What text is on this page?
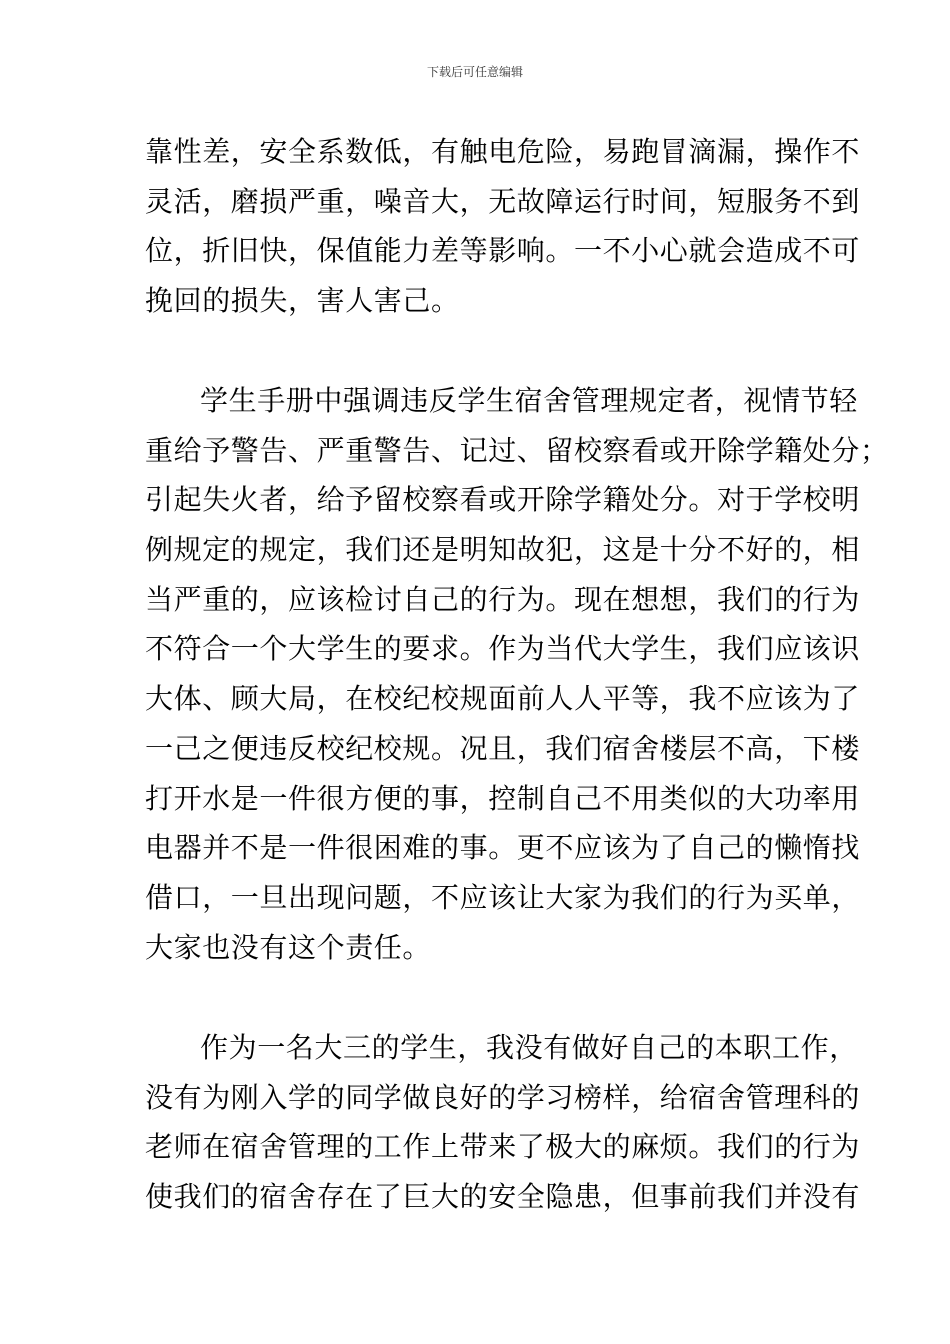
下载后可任意编辑
靠性差，安全系数低，有触电危险，易跑冒滴漏，操作不
灵活，磨损严重，噪音大，无故障运行时间，短服务不到
位，折旧快，保值能力差等影响。一不小心就会造成不可
挽回的损失，害人害己。
学生手册中强调违反学生宿舍管理规定者，视情节轻
重给予警告、严重警告、记过、留校察看或开除学籍处分；
引起失火者，给予留校察看或开除学籍处分。对于学校明
例规定的规定，我们还是明知故犯，这是十分不好的，相
当严重的，应该检讨自己的行为。现在想想，我们的行为
不符合一个大学生的要求。作为当代大学生，我们应该识
大体、顾大局，在校纪校规面前人人平等，我不应该为了
一己之便违反校纪校规。况且，我们宿舍楼层不高，下楼
打开水是一件很方便的事，控制自己不用类似的大功率用
电器并不是一件很困难的事。更不应该为了自己的懒惰找
借口，一旦出现问题，不应该让大家为我们的行为买单，
大家也没有这个责任。
作为一名大三的学生，我没有做好自己的本职工作，
没有为刚入学的同学做良好的学习榜样，给宿舍管理科的
老师在宿舍管理的工作上带来了极大的麻烦。我们的行为
使我们的宿舍存在了巨大的安全隐患，但事前我们并没有
